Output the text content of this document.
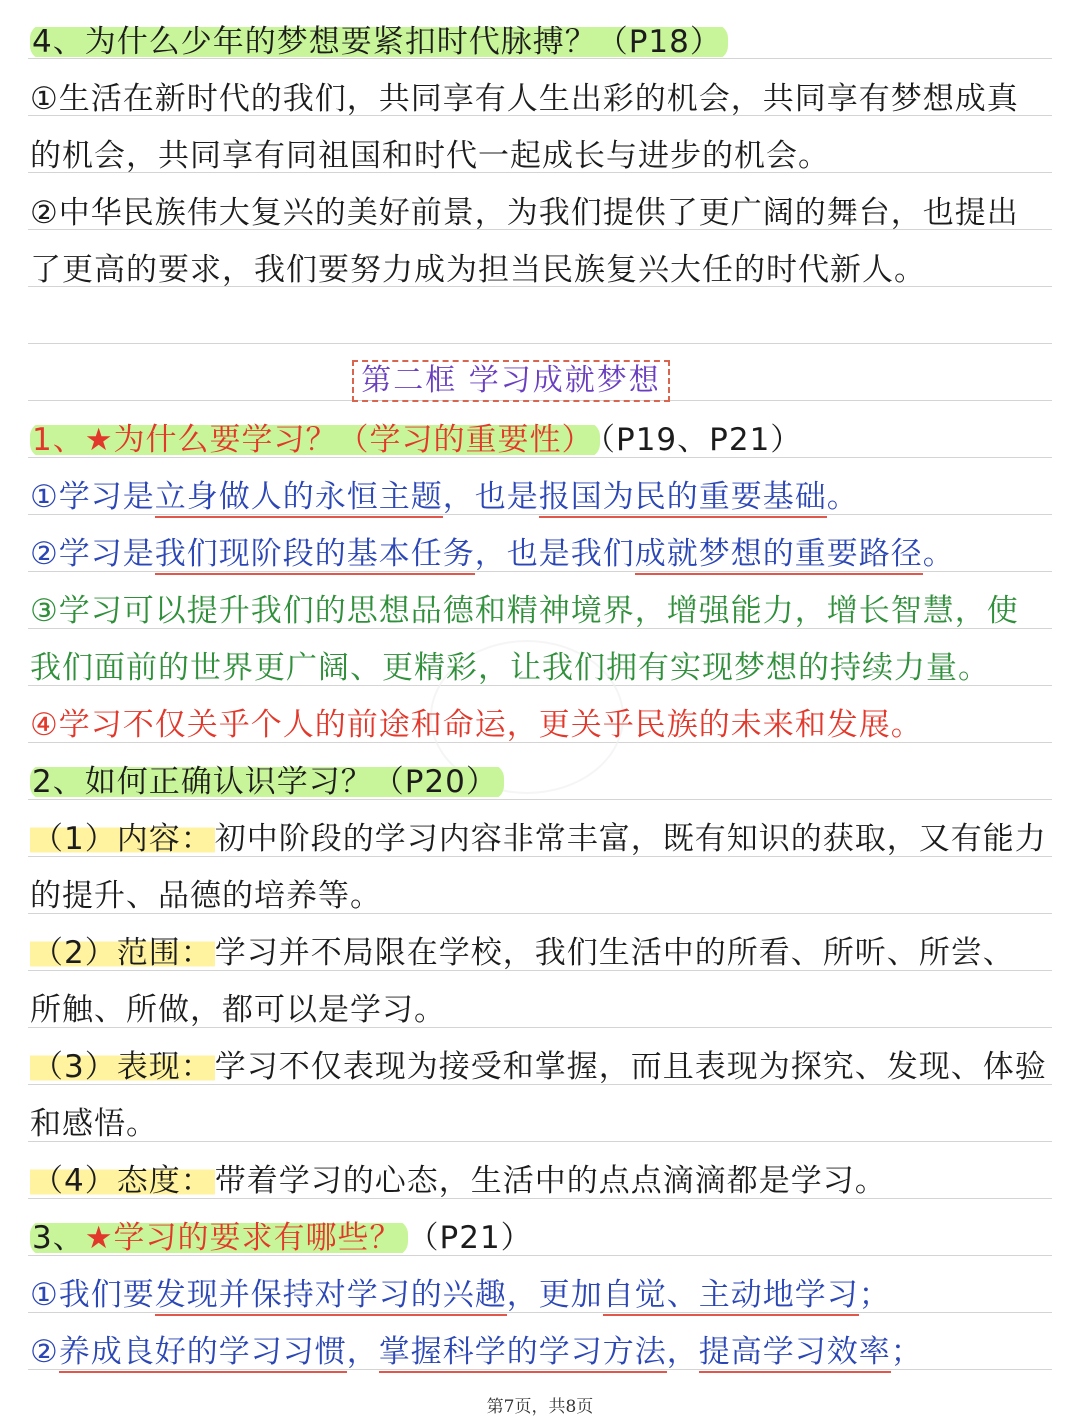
4、为什么少年的梦想要紧扣时代脉搏？（P18）
①生活在新时代的我们，共同享有人生出彩的机会，共同享有梦想成真
的机会，共同享有同祖国和时代一起成长与进步的机会。
②中华民族伟大复兴的美好前景，为我们提供了更广阔的舞台，也提出
了更高的要求，我们要努力成为担当民族复兴大任的时代新人。
第二框 学习成就梦想
1、★为什么要学习？（学习的重要性） （P19、P21）
①学习是立身做人的永恒主题，也是报国为民的重要基础。
②学习是我们现阶段的基本任务，也是我们成就梦想的重要路径。
③学习可以提升我们的思想品德和精神境界，增强能力，增长智慧，使
我们面前的世界更广阔、更精彩，让我们拥有实现梦想的持续力量。
④学习不仅关乎个人的前途和命运，更关乎民族的未来和发展。
2、如何正确认识学习？（P20）
（1）内容：初中阶段的学习内容非常丰富，既有知识的获取，又有能力
的提升、品德的培养等。
（2）范围：学习并不局限在学校，我们生活中的所看、所听、所尝、
所触、所做，都可以是学习。
（3）表现：学习不仅表现为接受和掌握，而且表现为探究、发现、体验
和感悟。
（4）态度：带着学习的心态，生活中的点点滴滴都是学习。
3、★学习的要求有哪些？ （P21）
①我们要发现并保持对学习的兴趣，更加自觉、主动地学习；
②养成良好的学习习惯，掌握科学的学习方法，提高学习效率；
第7页，共8页
